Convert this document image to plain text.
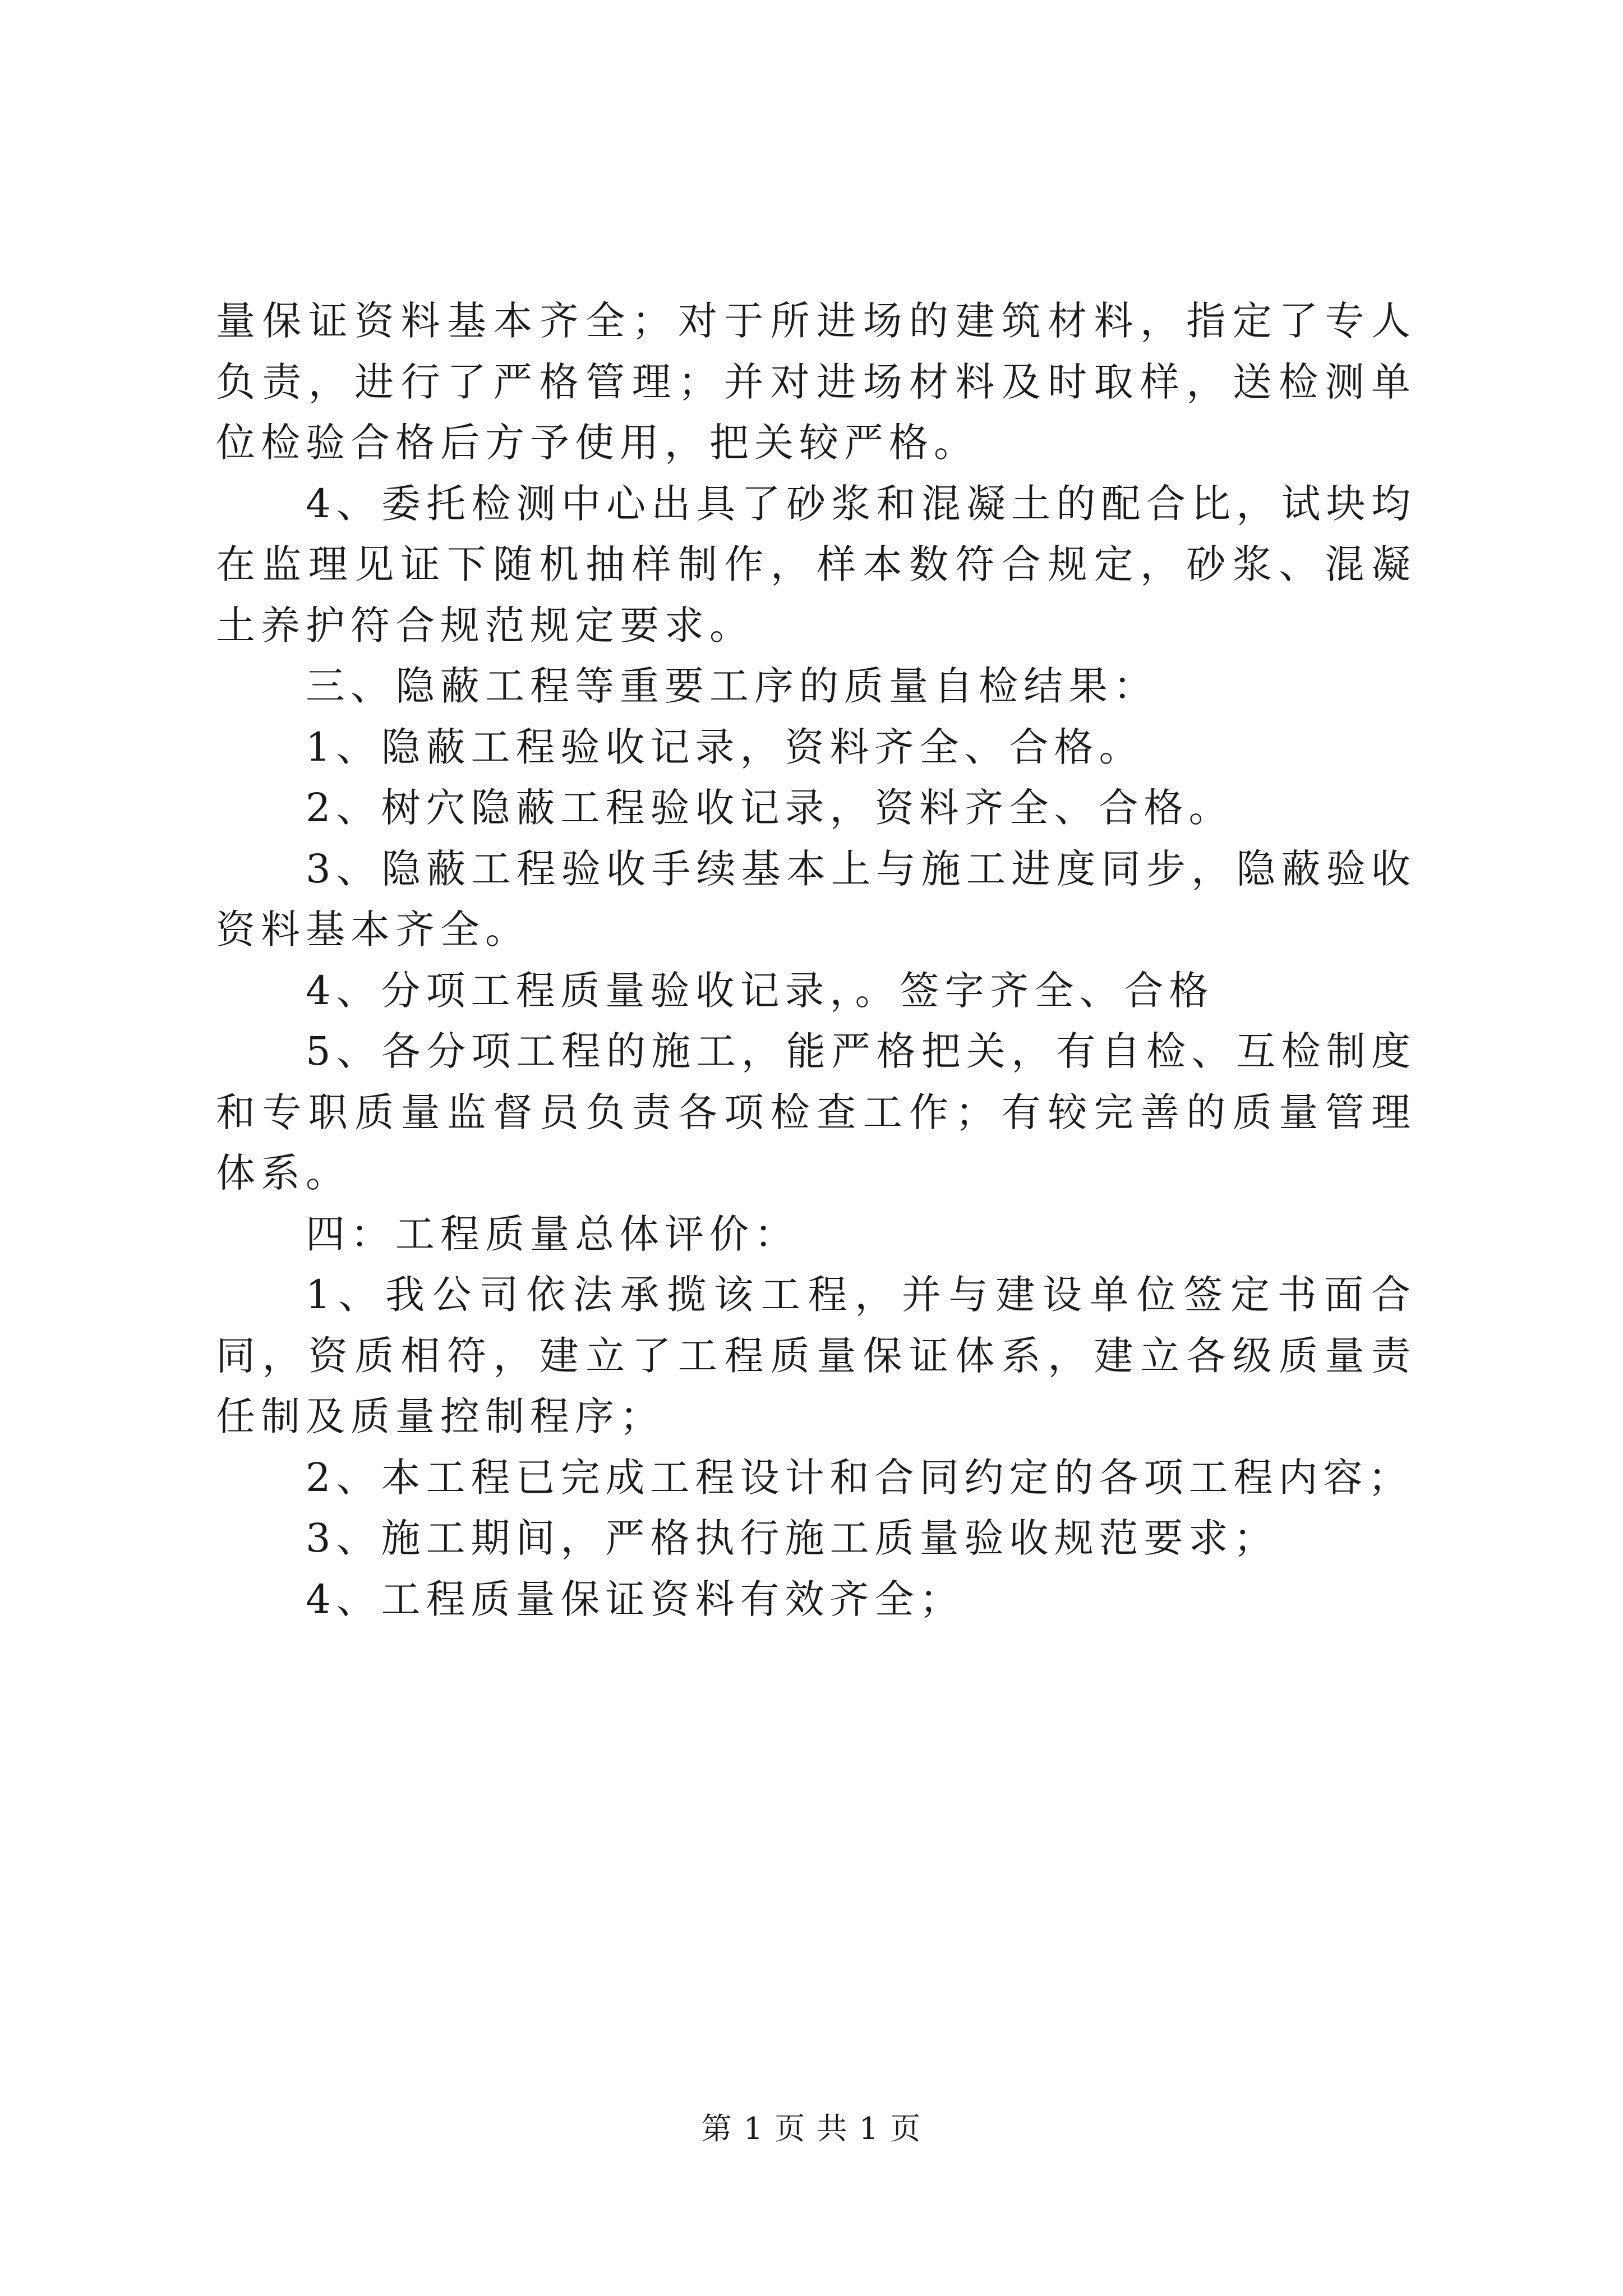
量保证资料基本齐全；对于所进场的建筑材料，指定了专人负责，进行了严格管理；并对进场材料及时取样，送检测单位检验合格后方予使用，把关较严格。

4、委托检测中心出具了砂浆和混凝土的配合比，试块均在监理见证下随机抽样制作，样本数符合规定，砂浆、混凝土养护符合规范规定要求。

三、隐蔽工程等重要工序的质量自检结果：

1、隐蔽工程验收记录，资料齐全、合格。

2、树穴隐蔽工程验收记录，资料齐全、合格。

3、隐蔽工程验收手续基本上与施工进度同步，隐蔽验收资料基本齐全。

4、分项工程质量验收记录，。签字齐全、合格

5、各分项工程的施工，能严格把关，有自检、互检制度和专职质量监督员负责各项检查工作；有较完善的质量管理体系。

四：工程质量总体评价：

1、我公司依法承揽该工程，并与建设单位签定书面合同，资质相符，建立了工程质量保证体系，建立各级质量责任制及质量控制程序；

2、本工程已完成工程设计和合同约定的各项工程内容；

3、施工期间，严格执行施工质量验收规范要求；

4、工程质量保证资料有效齐全；

第 1 页 共 1 页
